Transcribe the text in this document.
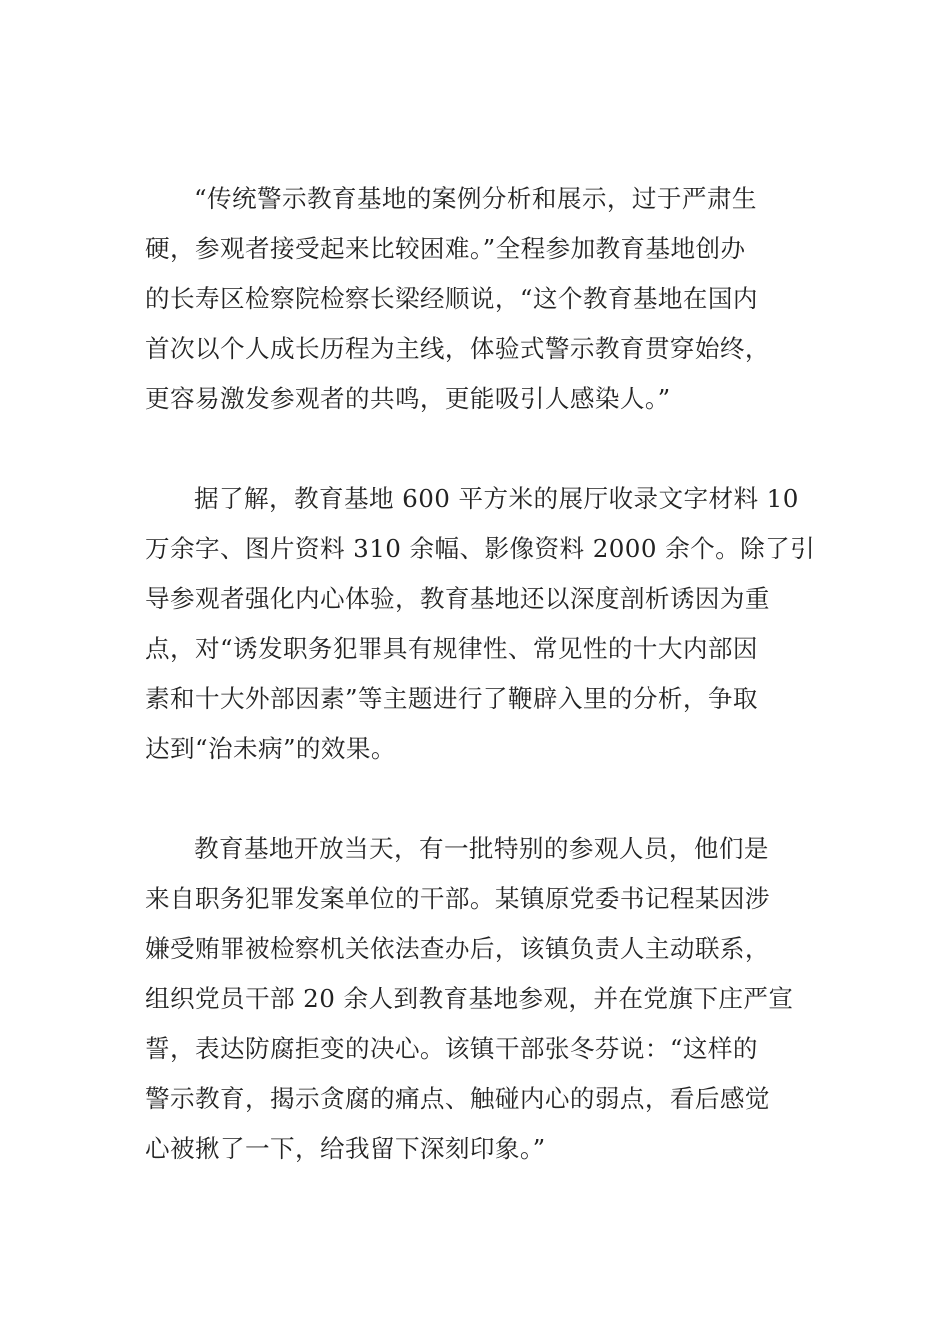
“传统警示教育基地的案例分析和展示，过于严肃生
硬，参观者接受起来比较困难。”全程参加教育基地创办
的长寿区检察院检察长梁经顺说，“这个教育基地在国内
首次以个人成长历程为主线，体验式警示教育贯穿始终，
更容易激发参观者的共鸣，更能吸引人感染人。”
据了解，教育基地 600 平方米的展厅收录文字材料 10
万余字、图片资料 310 余幅、影像资料 2000 余个。除了引
导参观者强化内心体验，教育基地还以深度剖析诱因为重
点，对“诱发职务犯罪具有规律性、常见性的十大内部因
素和十大外部因素”等主题进行了鞭辟入里的分析，争取
达到“治未病”的效果。
教育基地开放当天，有一批特别的参观人员，他们是
来自职务犯罪发案单位的干部。某镇原党委书记程某因涉
嫌受贿罪被检察机关依法查办后，该镇负责人主动联系，
组织党员干部 20 余人到教育基地参观，并在党旗下庄严宣
誓，表达防腐拒变的决心。该镇干部张冬芬说：“这样的
警示教育，揭示贪腐的痛点、触碰内心的弱点，看后感觉
心被揪了一下，给我留下深刻印象。”
